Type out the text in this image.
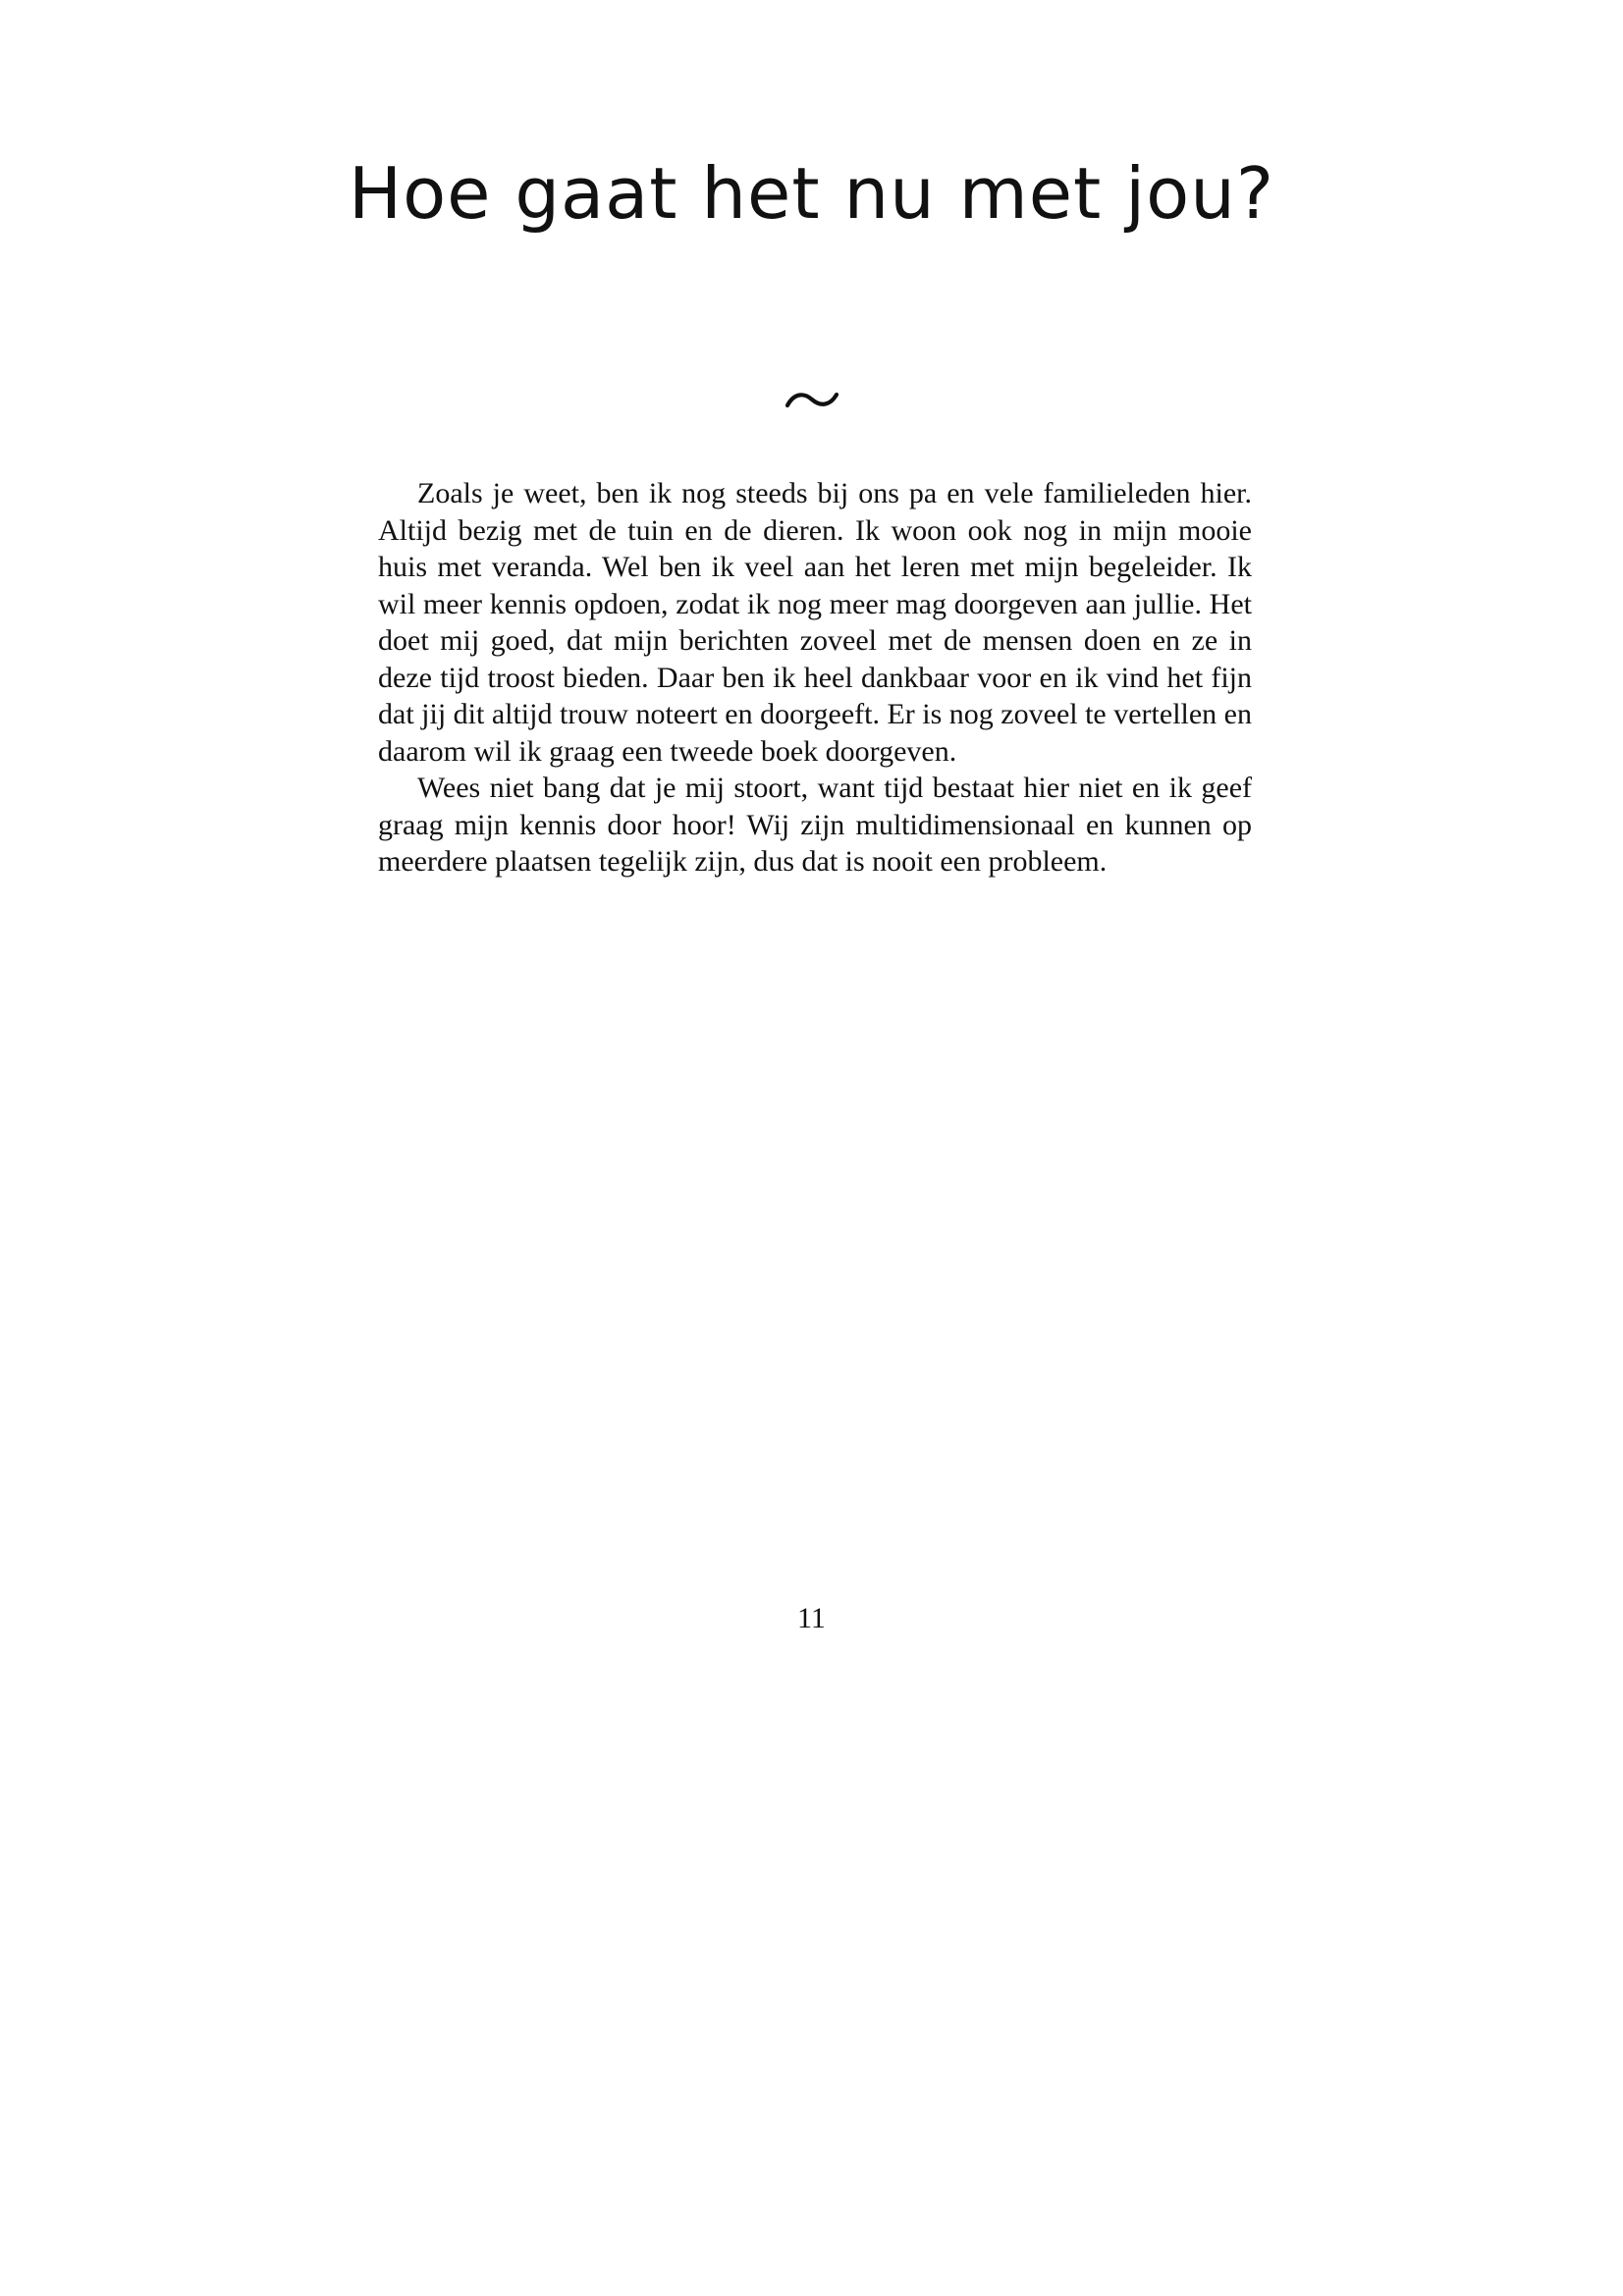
Hoe gaat het nu met jou?

Zoals je weet, ben ik nog steeds bij ons pa en vele familieleden hier. Altijd bezig met de tuin en de dieren. Ik woon ook nog in mijn mooie huis met veranda. Wel ben ik veel aan het leren met mijn begeleider. Ik wil meer kennis opdoen, zodat ik nog meer mag doorgeven aan jullie. Het doet mij goed, dat mijn berichten zoveel met de mensen doen en ze in deze tijd troost bieden. Daar ben ik heel dankbaar voor en ik vind het fijn dat jij dit altijd trouw noteert en doorgeeft. Er is nog zoveel te vertellen en daarom wil ik graag een tweede boek doorgeven.

Wees niet bang dat je mij stoort, want tijd bestaat hier niet en ik geef graag mijn kennis door hoor! Wij zijn multidimensionaal en kunnen op meerdere plaatsen tegelijk zijn, dus dat is nooit een probleem.

11
